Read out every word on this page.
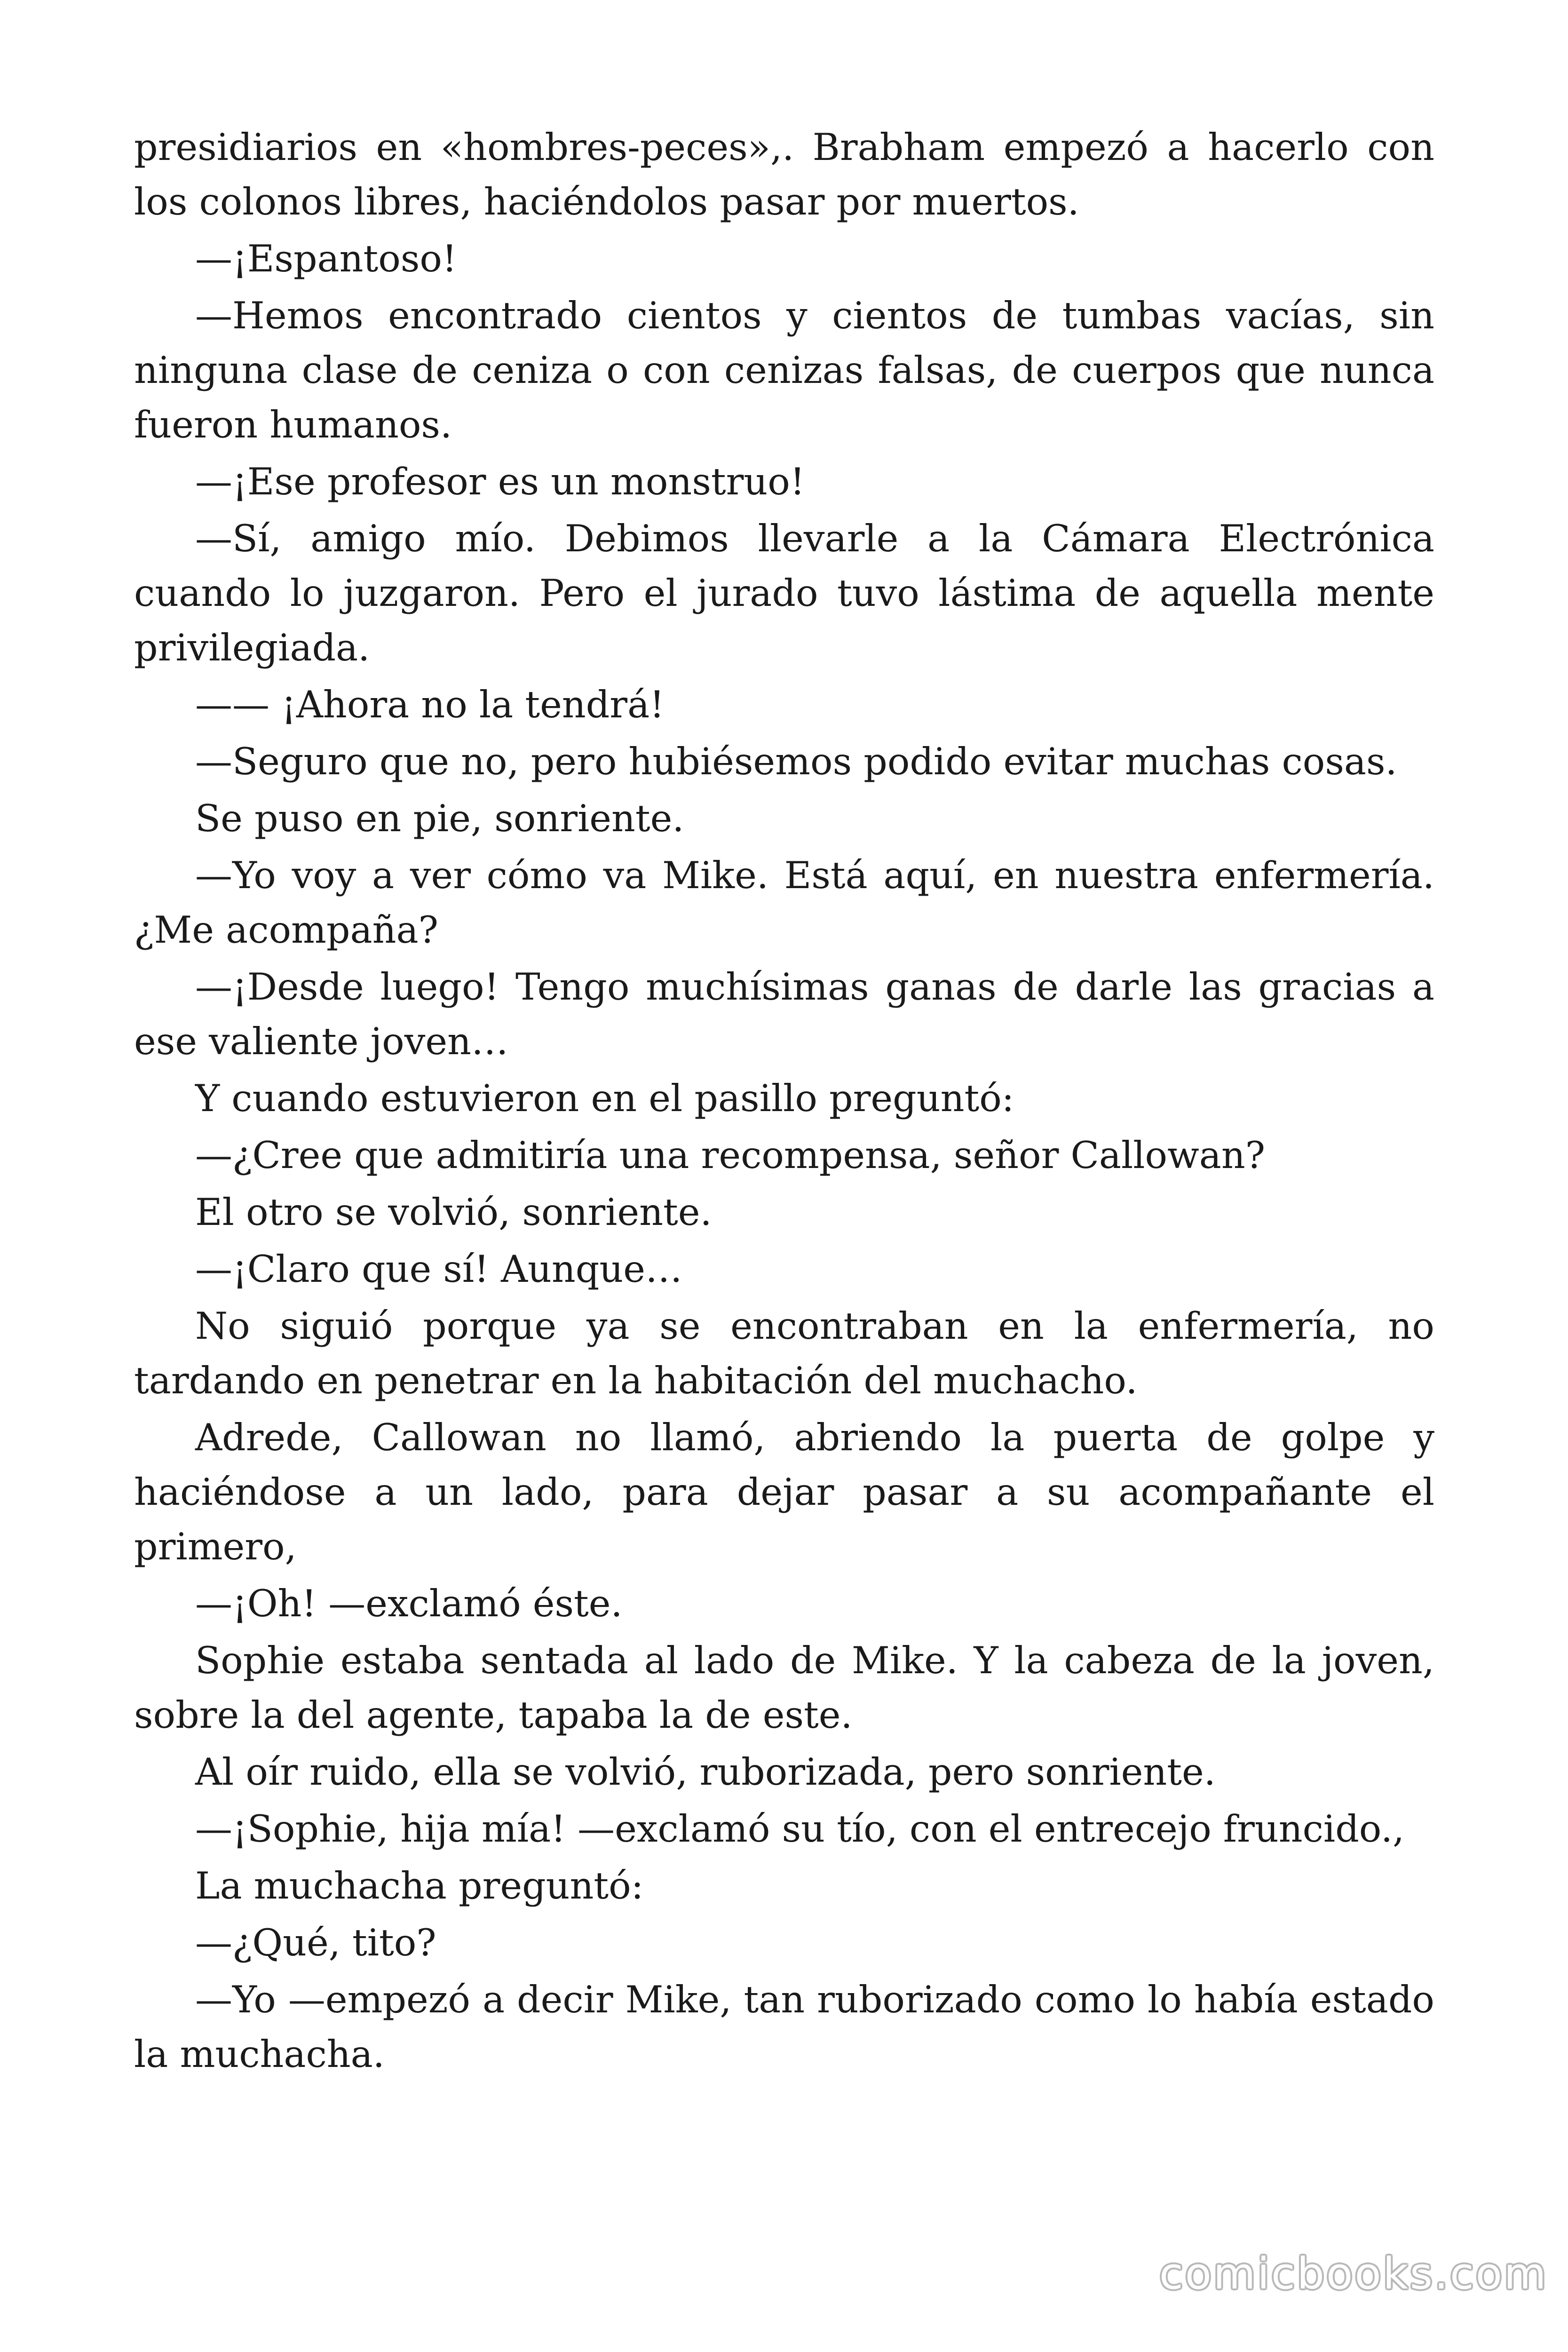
presidiarios en «hombres-peces»,. Brabham empezó a hacerlo con los colonos libres, haciéndolos pasar por muertos.

—¡Espantoso!

—Hemos encontrado cientos y cientos de tumbas vacías, sin ninguna clase de ceniza o con cenizas falsas, de cuerpos que nunca fueron humanos.

—¡Ese profesor es un monstruo!

—Sí, amigo mío. Debimos llevarle a la Cámara Electrónica cuando lo juzgaron. Pero el jurado tuvo lástima de aquella mente privilegiada.

—— ¡Ahora no la tendrá!

—Seguro que no, pero hubiésemos podido evitar muchas cosas.

Se puso en pie, sonriente.

—Yo voy a ver cómo va Mike. Está aquí, en nuestra enfermería. ¿Me acompaña?

—¡Desde luego! Tengo muchísimas ganas de darle las gracias a ese valiente joven…

Y cuando estuvieron en el pasillo preguntó:

—¿Cree que admitiría una recompensa, señor Callowan?

El otro se volvió, sonriente.

—¡Claro que sí! Aunque…

No siguió porque ya se encontraban en la enfermería, no tardando en penetrar en la habitación del muchacho.

Adrede, Callowan no llamó, abriendo la puerta de golpe y haciéndose a un lado, para dejar pasar a su acompañante el primero,

—¡Oh! —exclamó éste.

Sophie estaba sentada al lado de Mike. Y la cabeza de la joven, sobre la del agente, tapaba la de este.

Al oír ruido, ella se volvió, ruborizada, pero sonriente.

—¡Sophie, hija mía! —exclamó su tío, con el entrecejo fruncido.,

La muchacha preguntó:

—¿Qué, tito?

—Yo —empezó a decir Mike, tan ruborizado como lo había estado la muchacha.

comicbooks.com
